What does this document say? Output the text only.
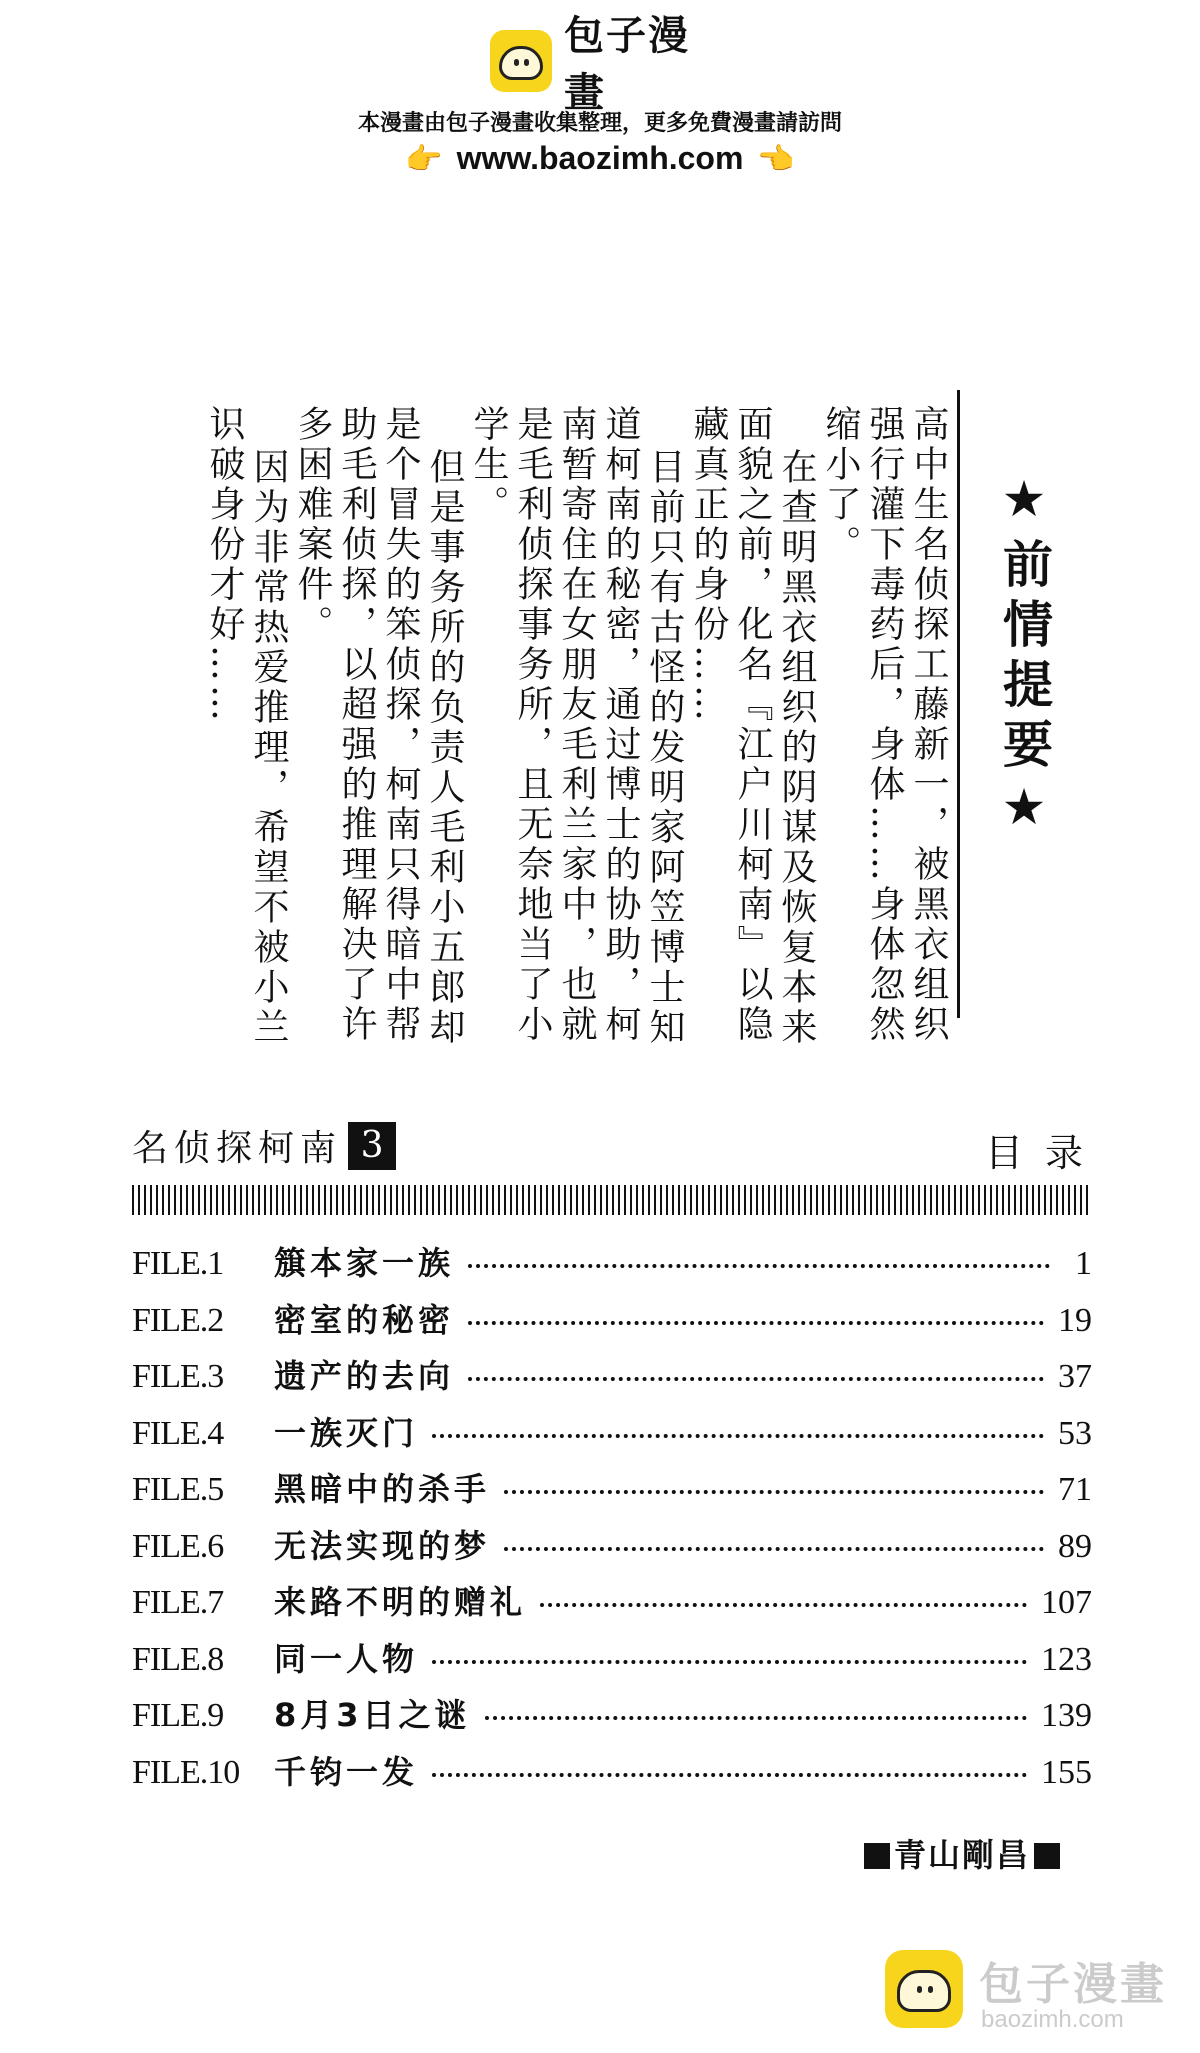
包子漫畫
本漫畫由包子漫畫收集整理，更多免費漫畫請訪問
👉 www.baozimh.com 👈
★前情提要★

高中生名侦探工藤新一，被黑衣组织强行灌下毒药后，身体……身体忽然缩小了。

在查明黑衣组织的阴谋及恢复本来面貌之前，化名『江户川柯南』以隐藏真正的身份……

目前只有古怪的发明家阿笠博士知道柯南的秘密，通过博士的协助，柯南暂寄住在女朋友毛利兰家中，也就是毛利侦探事务所，且无奈地当了小学生。

但是事务所的负责人毛利小五郎却是个冒失的笨侦探，柯南只得暗中帮助毛利侦探，以超强的推理解决了许多困难案件。

因为非常热爱推理，希望不被小兰识破身份才好……

名侦探柯南 3	目录
FILE.1	簱本家一族	1
FILE.2	密室的秘密	19
FILE.3	遗产的去向	37
FILE.4	一族灭门	53
FILE.5	黑暗中的杀手	71
FILE.6	无法实现的梦	89
FILE.7	来路不明的赠礼	107
FILE.8	同一人物	123
FILE.9	8月3日之谜	139
FILE.10	千钧一发	155
青山剛昌
包子漫畫
baozimh.com
